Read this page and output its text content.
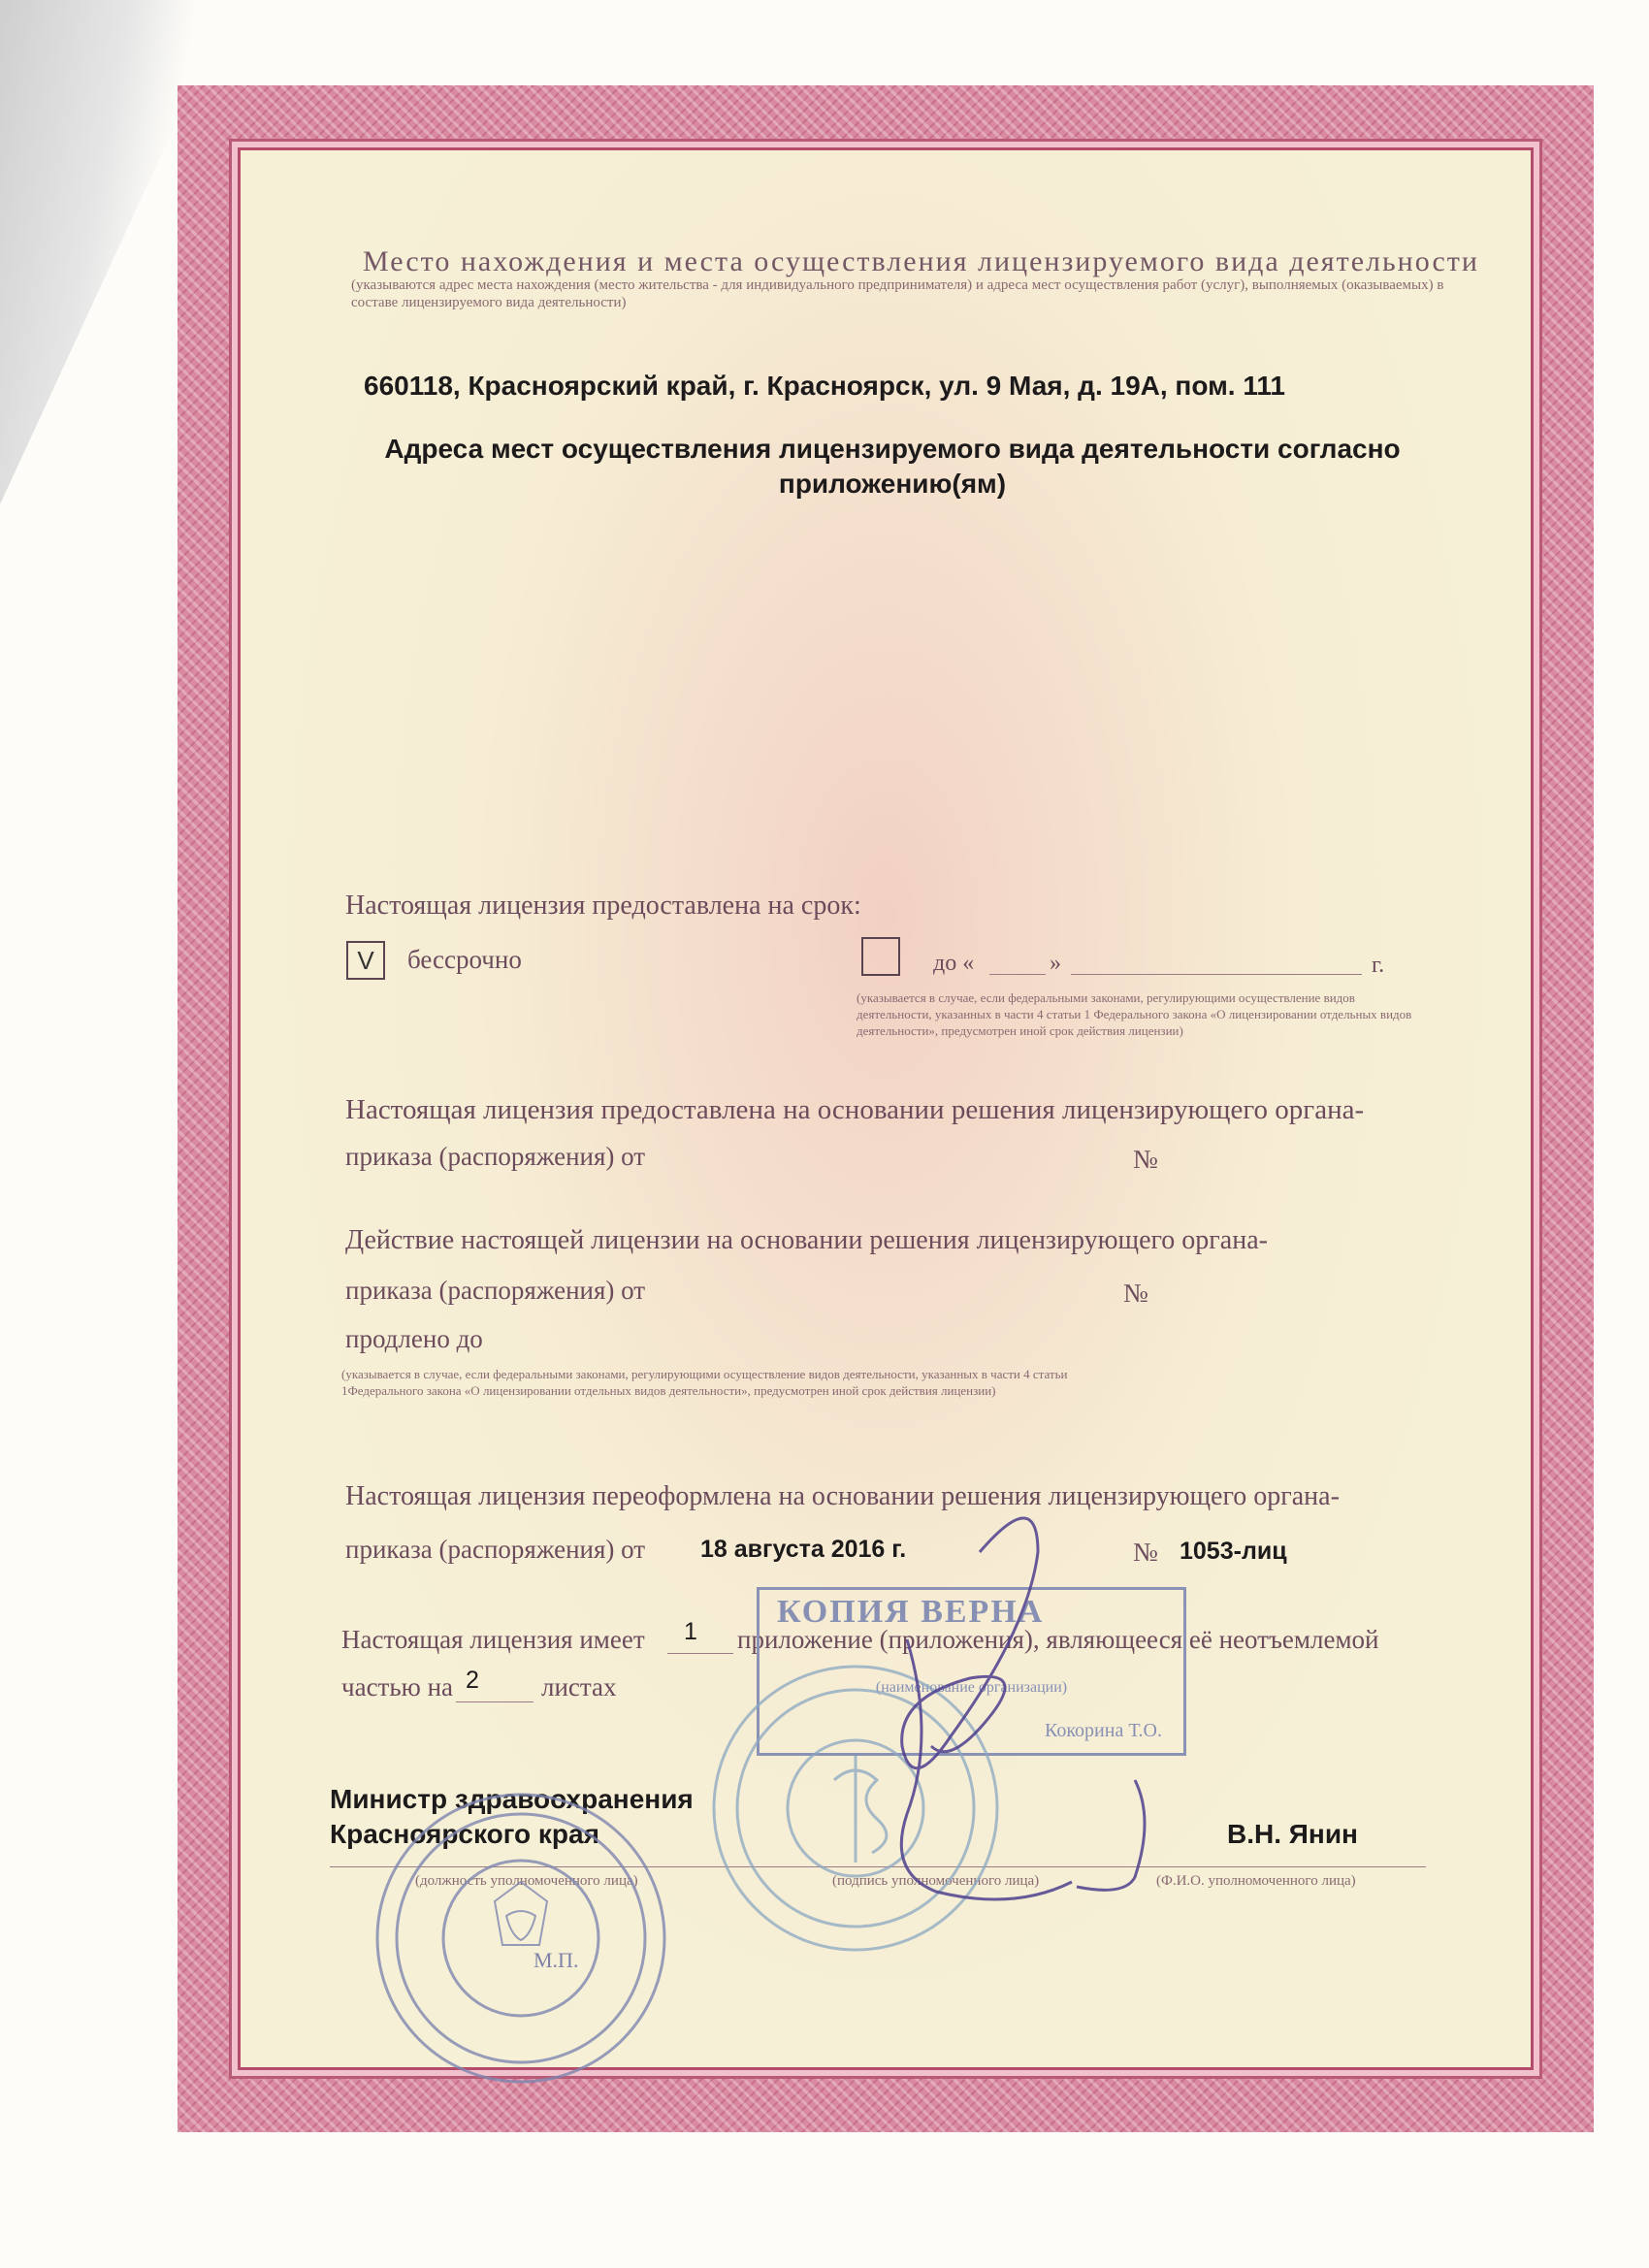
Место нахождения и места осуществления лицензируемого вида деятельности
(указываются адрес места нахождения (место жительства - для индивидуального предпринимателя) и адреса мест осуществления работ (услуг), выполняемых (оказываемых) в составе лицензируемого вида деятельности)
660118, Красноярский край, г. Красноярск, ул. 9 Мая, д. 19А, пом. 111
Адреса мест осуществления лицензируемого вида деятельности согласно приложению(ям)
Настоящая лицензия предоставлена на срок:
V	бессрочно	до «	»	г.
(указывается в случае, если федеральными законами, регулирующими осуществление видов деятельности, указанных в части 4 статьи 1 Федерального закона «О лицензировании отдельных видов деятельности», предусмотрен иной срок действия лицензии)
Настоящая лицензия предоставлена на основании решения лицензирующего органа-
приказа (распоряжения) от	№
Действие настоящей лицензии на основании решения лицензирующего органа-
приказа (распоряжения) от	№
продлено до
(указывается в случае, если федеральными законами, регулирующими осуществление видов деятельности, указанных в части 4 статьи 1Федерального закона «О лицензировании отдельных видов деятельности», предусмотрен иной срок действия лицензии)
Настоящая лицензия переоформлена на основании решения лицензирующего органа-
приказа (распоряжения) от 18 августа 2016 г.	№ 1053-лиц
Настоящая лицензия имеет 1 приложение (приложения), являющееся её неотъемлемой
частью на 2 листах
КОПИЯ ВЕРНА
(наименование организации)
Кокорина Т.О.
Министр здравоохранения
Красноярского края	В.Н. Янин
(должность уполномоченного лица)	(подпись уполномоченного лица)	(Ф.И.О. уполномоченного лица)
М.П.
